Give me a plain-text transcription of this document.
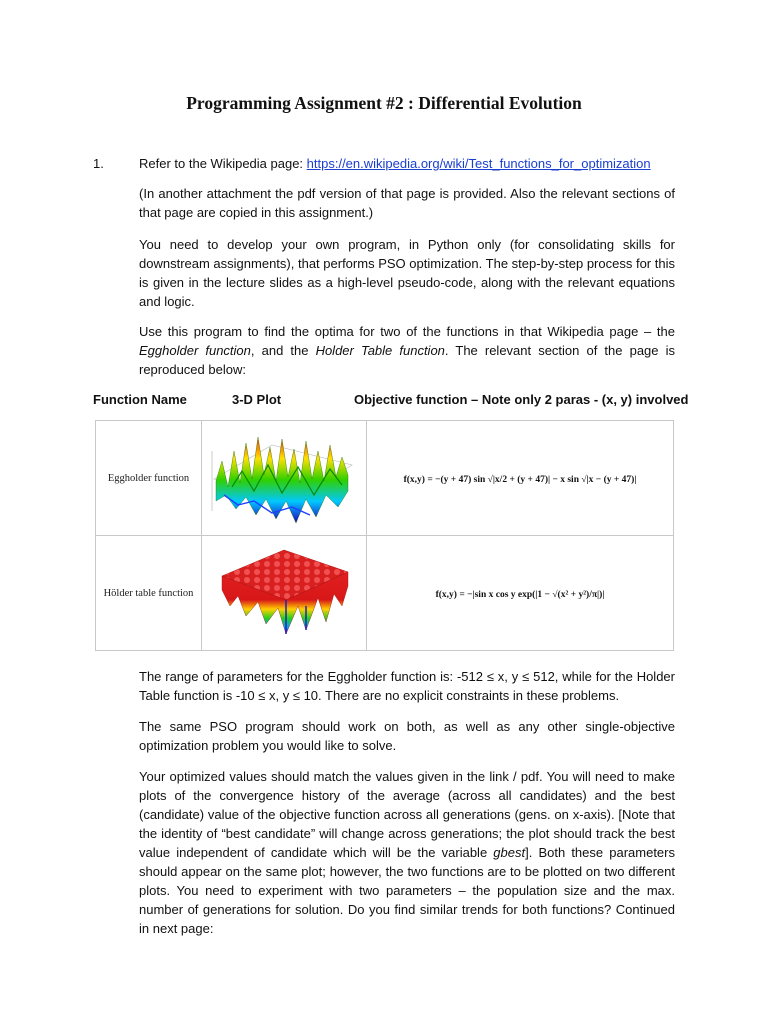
Programming Assignment #2 : Differential Evolution
1.	Refer to the Wikipedia page: https://en.wikipedia.org/wiki/Test_functions_for_optimization

(In another attachment the pdf version of that page is provided. Also the relevant sections of that page are copied in this assignment.)

You need to develop your own program, in Python only (for consolidating skills for downstream assignments), that performs PSO optimization. The step-by-step process for this is given in the lecture slides as a high-level pseudo-code, along with the relevant equations and logic.

Use this program to find the optima for two of the functions in that Wikipedia page – the Eggholder function, and the Holder Table function. The relevant section of the page is reproduced below:

Function Name	3-D Plot	Objective function – Note only 2 paras - (x, y) involved
Eggholder function		f(x,y) = −(y + 47) sin √|x/2 + (y + 47)| − x sin √|x − (y + 47)|
Hölder table function		f(x,y) = −|sin x cos y exp(|1 − √(x² + y²)/π|)|

The range of parameters for the Eggholder function is: -512 ≤ x, y ≤ 512, while for the Holder Table function is -10 ≤ x, y ≤ 10. There are no explicit constraints in these problems.

The same PSO program should work on both, as well as any other single-objective optimization problem you would like to solve.

Your optimized values should match the values given in the link / pdf. You will need to make plots of the convergence history of the average (across all candidates) and the best (candidate) value of the objective function across all generations (gens. on x-axis). [Note that the identity of “best candidate” will change across generations; the plot should track the best value independent of candidate which will be the variable gbest]. Both these parameters should appear on the same plot; however, the two functions are to be plotted on two different plots. You need to experiment with two parameters – the population size and the max. number of generations for solution. Do you find similar trends for both functions? Continued in next page:
